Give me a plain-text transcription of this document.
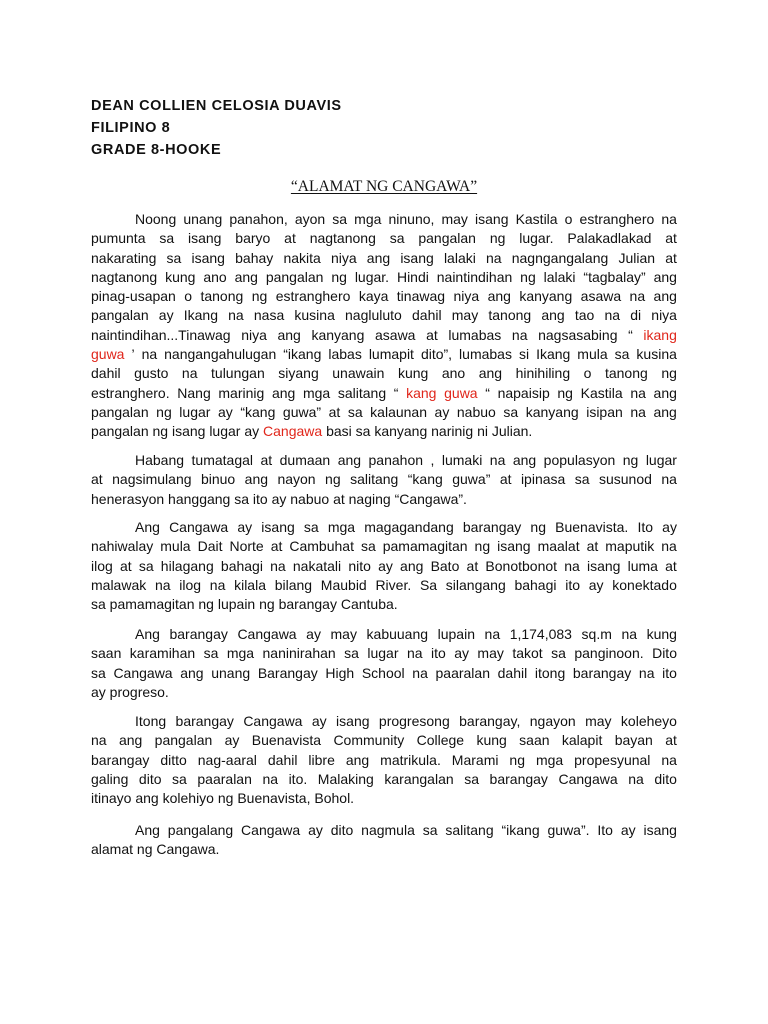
DEAN COLLIEN CELOSIA DUAVIS
FILIPINO 8
GRADE 8-HOOKE
“ALAMAT NG CANGAWA”
Noong unang panahon, ayon sa mga ninuno, may isang Kastila o estranghero na
pumunta sa isang baryo at nagtanong sa pangalan ng lugar. Palakadlakad at
nakarating sa isang bahay nakita niya ang isang lalaki na nagngangalang Julian at
nagtanong kung ano ang pangalan ng lugar. Hindi naintindihan ng lalaki “tagbalay” ang
pinag-usapan o tanong ng estranghero kaya tinawag niya ang kanyang asawa na ang
pangalan ay Ikang na nasa kusina nagluluto dahil may tanong ang tao na di niya
naintindihan...Tinawag niya ang kanyang asawa at lumabas na nagsasabing “ ikang
guwa ’ na nangangahulugan “ikang labas lumapit dito”, lumabas si Ikang mula sa kusina
dahil gusto na tulungan siyang unawain kung ano ang hinihiling o tanong ng
estranghero. Nang marinig ang mga salitang “ kang guwa “ napaisip ng Kastila na ang
pangalan ng lugar ay “kang guwa” at sa kalaunan ay nabuo sa kanyang isipan na ang
pangalan ng isang lugar ay Cangawa basi sa kanyang narinig ni Julian.
Habang tumatagal at dumaan ang panahon , lumaki na ang populasyon ng lugar
at nagsimulang binuo ang nayon ng salitang “kang guwa” at ipinasa sa susunod na
henerasyon hanggang sa ito ay nabuo at naging “Cangawa”.
Ang Cangawa ay isang sa mga magagandang barangay ng Buenavista. Ito ay
nahiwalay mula Dait Norte at Cambuhat sa pamamagitan ng isang maalat at maputik na
ilog at sa hilagang bahagi na nakatali nito ay ang Bato at Bonotbonot na isang luma at
malawak na ilog na kilala bilang Maubid River. Sa silangang bahagi ito ay konektado
sa pamamagitan ng lupain ng barangay Cantuba.
Ang barangay Cangawa ay may kabuuang lupain na 1,174,083 sq.m na kung
saan karamihan sa mga naninirahan sa lugar na ito ay may takot sa panginoon. Dito
sa Cangawa ang unang Barangay High School na paaralan dahil itong barangay na ito
ay progreso.
Itong barangay Cangawa ay isang progresong barangay, ngayon may koleheyo
na ang pangalan ay Buenavista Community College kung saan kalapit bayan at
barangay ditto nag-aaral dahil libre ang matrikula. Marami ng mga propesyunal na
galing dito sa paaralan na ito. Malaking karangalan sa barangay Cangawa na dito
itinayo ang kolehiyo ng Buenavista, Bohol.
Ang pangalang Cangawa ay dito nagmula sa salitang “ikang guwa”. Ito ay isang
alamat ng Cangawa.
